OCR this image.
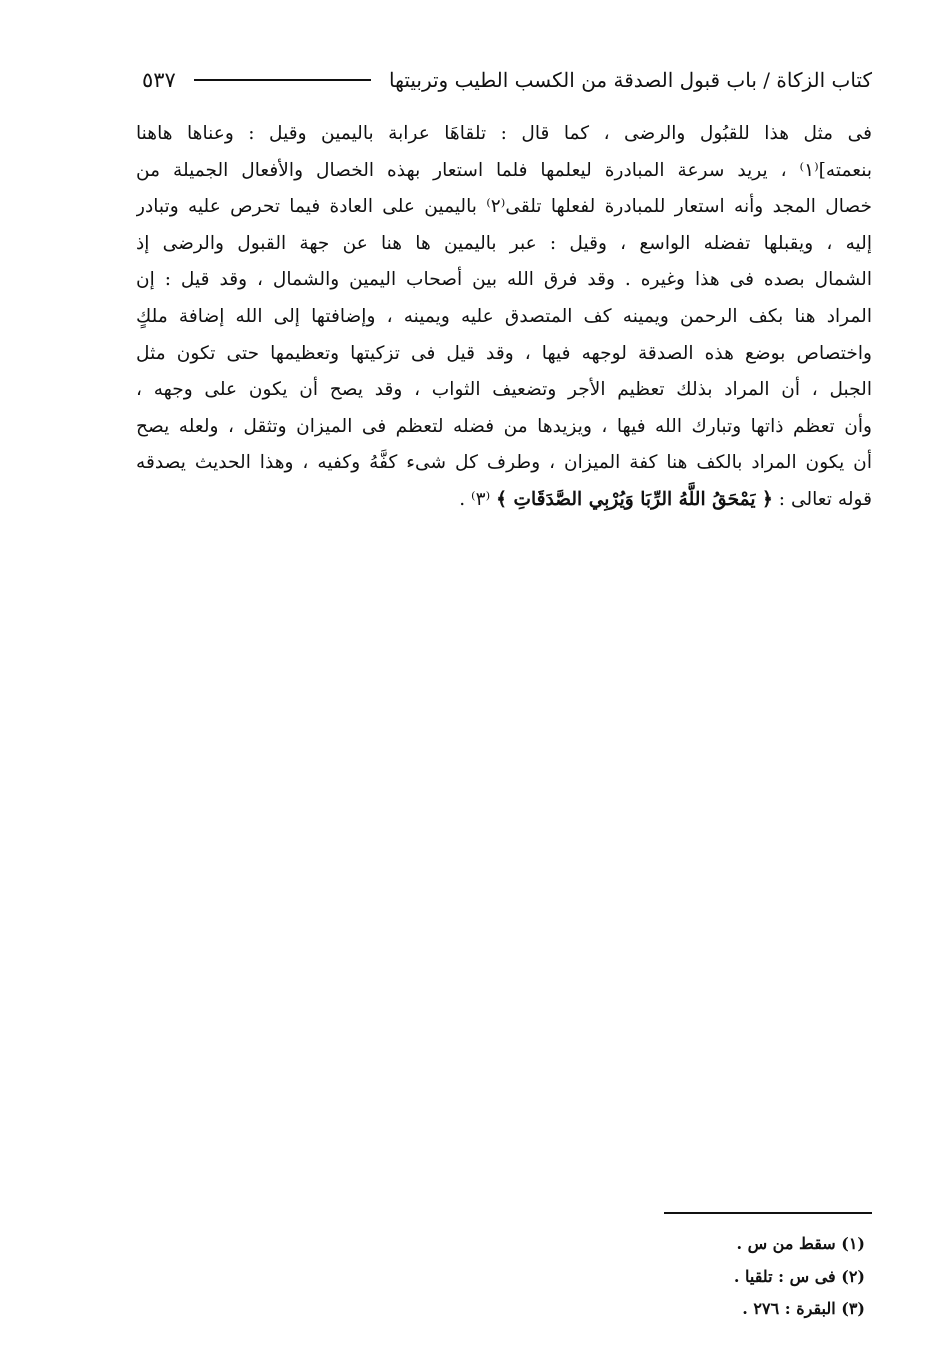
كتاب الزكاة / باب قبول الصدقة من الكسب الطيب وتربيتها
٥٣٧
فى مثل هذا للقبُول والرضى ، كما قال : تلقاهَا عرابة باليمين وقيل : وعناها هاهنا
بنعمته]⁽١⁾ ، يريد سرعة المبادرة ليعلمها فلما استعار بهذه الخصال والأفعال الجميلة من
خصال المجد وأنه استعار للمبادرة لفعلها تلقى⁽٢⁾ باليمين على العادة فيما تحرص عليه وتبادر
إليه ، ويقبلها تفضله الواسع ، وقيل : عبر باليمين ها هنا عن جهة القبول والرضى إذ
الشمال بصده فى هذا وغيره . وقد فرق الله بين أصحاب اليمين والشمال ، وقد قيل : إن
المراد هنا بكف الرحمن ويمينه كف المتصدق عليه ويمينه ، وإضافتها إلى الله إضافة ملكٍ
واختصاص بوضع هذه الصدقة لوجهه فيها ، وقد قيل فى تزكيتها وتعظيمها حتى تكون مثل
الجبل ، أن المراد بذلك تعظيم الأجر وتضعيف الثواب ، وقد يصح أن يكون على وجهه ،
وأن تعظم ذاتها وتبارك الله فيها ، ويزيدها من فضله لتعظم فى الميزان وتثقل ، ولعله يصح
أن يكون المراد بالكف هنا كفة الميزان ، وطرف كل شىء كفَّهُ وكفيه ، وهذا الحديث يصدقه
قوله تعالى : ﴿ يَمْحَقُ اللَّهُ الرِّبَا وَيُرْبِي الصَّدَقَاتِ ﴾ ⁽٣⁾ .
(١) سقط من س .
(٢) فى س : تلقيا .
(٣) البقرة : ٢٧٦ .
